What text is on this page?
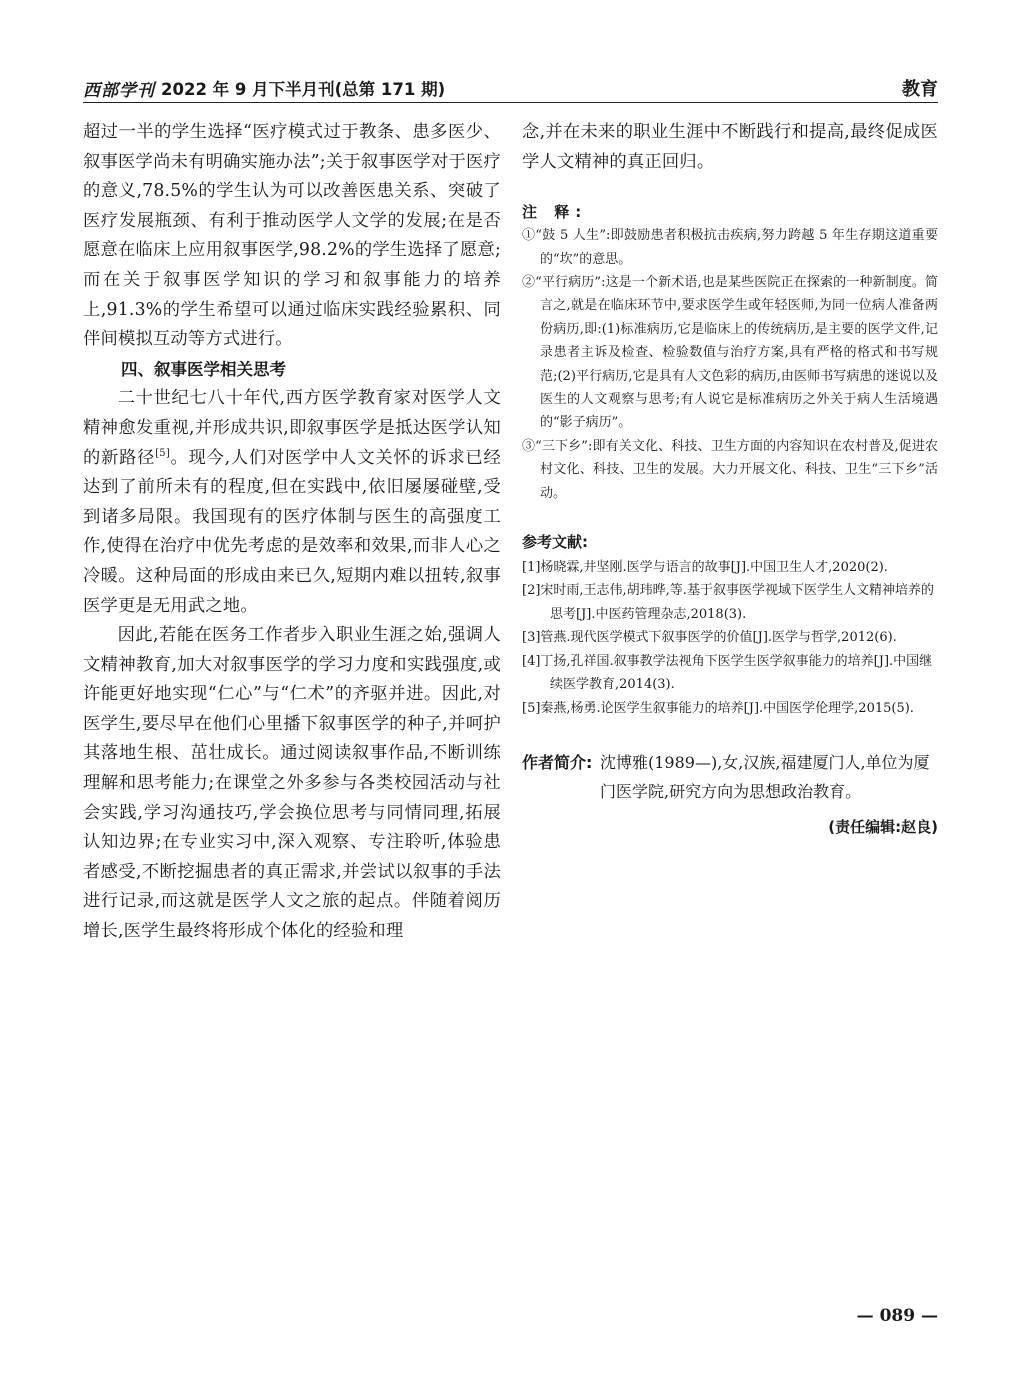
西部学刊 2022 年 9 月下半月刊(总第 171 期)	教育

超过一半的学生选择“医疗模式过于教条、患多医少、叙事医学尚未有明确实施办法”;关于叙事医学对于医疗的意义,78.5%的学生认为可以改善医患关系、突破了医疗发展瓶颈、有利于推动医学人文学的发展;在是否愿意在临床上应用叙事医学,98.2%的学生选择了愿意;而在关于叙事医学知识的学习和叙事能力的培养上,91.3%的学生希望可以通过临床实践经验累积、同伴间模拟互动等方式进行。

四、叙事医学相关思考

二十世纪七八十年代,西方医学教育家对医学人文精神愈发重视,并形成共识,即叙事医学是抵达医学认知的新路径[5]。现今,人们对医学中人文关怀的诉求已经达到了前所未有的程度,但在实践中,依旧屡屡碰壁,受到诸多局限。我国现有的医疗体制与医生的高强度工作,使得在治疗中优先考虑的是效率和效果,而非人心之冷暖。这种局面的形成由来已久,短期内难以扭转,叙事医学更是无用武之地。

因此,若能在医务工作者步入职业生涯之始,强调人文精神教育,加大对叙事医学的学习力度和实践强度,或许能更好地实现“仁心”与“仁术”的齐驱并进。因此,对医学生,要尽早在他们心里播下叙事医学的种子,并呵护其落地生根、茁壮成长。通过阅读叙事作品,不断训练理解和思考能力;在课堂之外多参与各类校园活动与社会实践,学习沟通技巧,学会换位思考与同情同理,拓展认知边界;在专业实习中,深入观察、专注聆听,体验患者感受,不断挖掘患者的真正需求,并尝试以叙事的手法进行记录,而这就是医学人文之旅的起点。伴随着阅历增长,医学生最终将形成个体化的经验和理

念,并在未来的职业生涯中不断践行和提高,最终促成医学人文精神的真正回归。

注 释:

①“鼓 5 人生”:即鼓励患者积极抗击疾病,努力跨越 5 年生存期这道重要的“坎”的意思。

②“平行病历”:这是一个新术语,也是某些医院正在探索的一种新制度。简言之,就是在临床环节中,要求医学生或年轻医师,为同一位病人准备两份病历,即:(1)标准病历,它是临床上的传统病历,是主要的医学文件,记录患者主诉及检查、检验数值与治疗方案,具有严格的格式和书写规范;(2)平行病历,它是具有人文色彩的病历,由医师书写病患的迷说以及医生的人文观察与思考;有人说它是标准病历之外关于病人生活境遇的“影子病历”。

③“三下乡”:即有关文化、科技、卫生方面的内容知识在农村普及,促进农村文化、科技、卫生的发展。大力开展文化、科技、卫生“三下乡”活动。

参考文献:

[1]杨晓霖,井坚刚.医学与语言的故事[J].中国卫生人才,2020(2).

[2]宋时雨,王志伟,胡玮晔,等.基于叙事医学视域下医学生人文精神培养的思考[J].中医药管理杂志,2018(3).

[3]管燕.现代医学模式下叙事医学的价值[J].医学与哲学,2012(6).

[4]丁扬,孔祥国.叙事教学法视角下医学生医学叙事能力的培养[J].中国继续医学教育,2014(3).

[5]秦燕,杨勇.论医学生叙事能力的培养[J].中国医学伦理学,2015(5).

作者简介: 沈博雅(1989—),女,汉族,福建厦门人,单位为厦门医学院,研究方向为思想政治教育。
(责任编辑:赵良)
— 089 —
